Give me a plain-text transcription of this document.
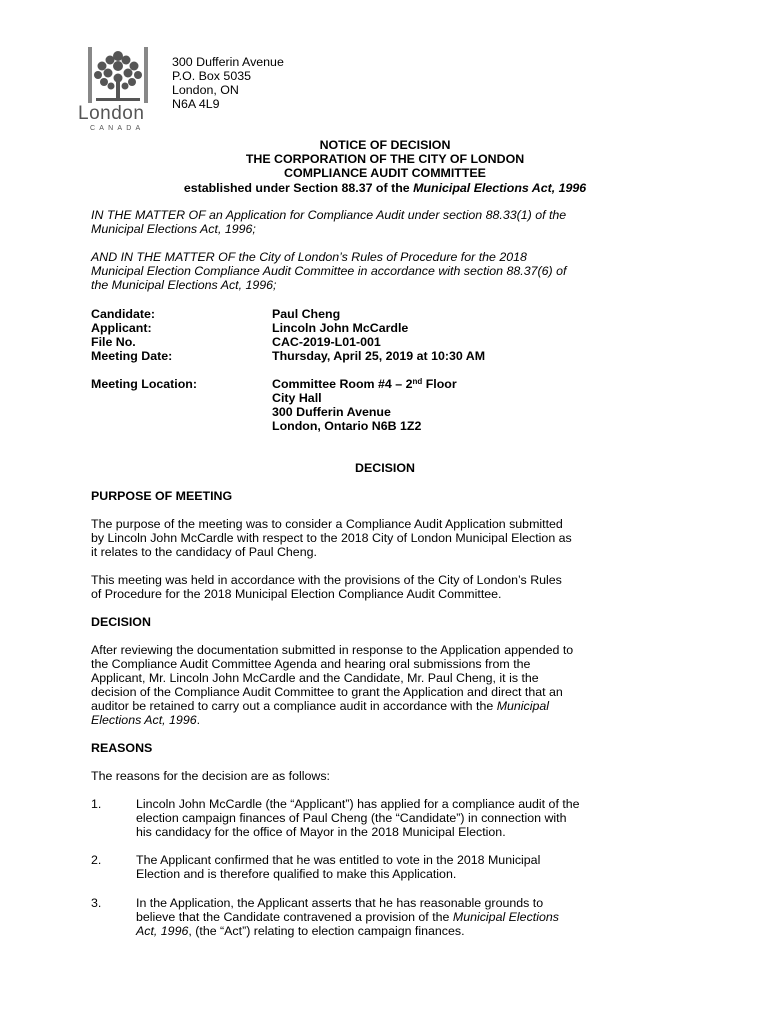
London
CANADA
300 Dufferin Avenue
P.O. Box 5035
London, ON
N6A 4L9
NOTICE OF DECISION
THE CORPORATION OF THE CITY OF LONDON
COMPLIANCE AUDIT COMMITTEE
established under Section 88.37 of the Municipal Elections Act, 1996
IN THE MATTER OF an Application for Compliance Audit under section 88.33(1) of the
Municipal Elections Act, 1996;
AND IN THE MATTER OF the City of London’s Rules of Procedure for the 2018
Municipal Election Compliance Audit Committee in accordance with section 88.37(6) of
the Municipal Elections Act, 1996;
Candidate:	Paul Cheng
Applicant:	Lincoln John McCardle
File No.	CAC-2019-L01-001
Meeting Date:	Thursday, April 25, 2019 at 10:30 AM
Meeting Location:	Committee Room #4 – 2nd Floor
City Hall
300 Dufferin Avenue
London, Ontario N6B 1Z2
DECISION
PURPOSE OF MEETING
The purpose of the meeting was to consider a Compliance Audit Application submitted
by Lincoln John McCardle with respect to the 2018 City of London Municipal Election as
it relates to the candidacy of Paul Cheng.
This meeting was held in accordance with the provisions of the City of London’s Rules
of Procedure for the 2018 Municipal Election Compliance Audit Committee.
DECISION
After reviewing the documentation submitted in response to the Application appended to
the Compliance Audit Committee Agenda and hearing oral submissions from the
Applicant, Mr. Lincoln John McCardle and the Candidate, Mr. Paul Cheng, it is the
decision of the Compliance Audit Committee to grant the Application and direct that an
auditor be retained to carry out a compliance audit in accordance with the Municipal
Elections Act, 1996.
REASONS
The reasons for the decision are as follows:
1.	Lincoln John McCardle (the “Applicant”) has applied for a compliance audit of the
election campaign finances of Paul Cheng (the “Candidate”) in connection with
his candidacy for the office of Mayor in the 2018 Municipal Election.
2.	The Applicant confirmed that he was entitled to vote in the 2018 Municipal
Election and is therefore qualified to make this Application.
3.	In the Application, the Applicant asserts that he has reasonable grounds to
believe that the Candidate contravened a provision of the Municipal Elections
Act, 1996, (the “Act”) relating to election campaign finances.
